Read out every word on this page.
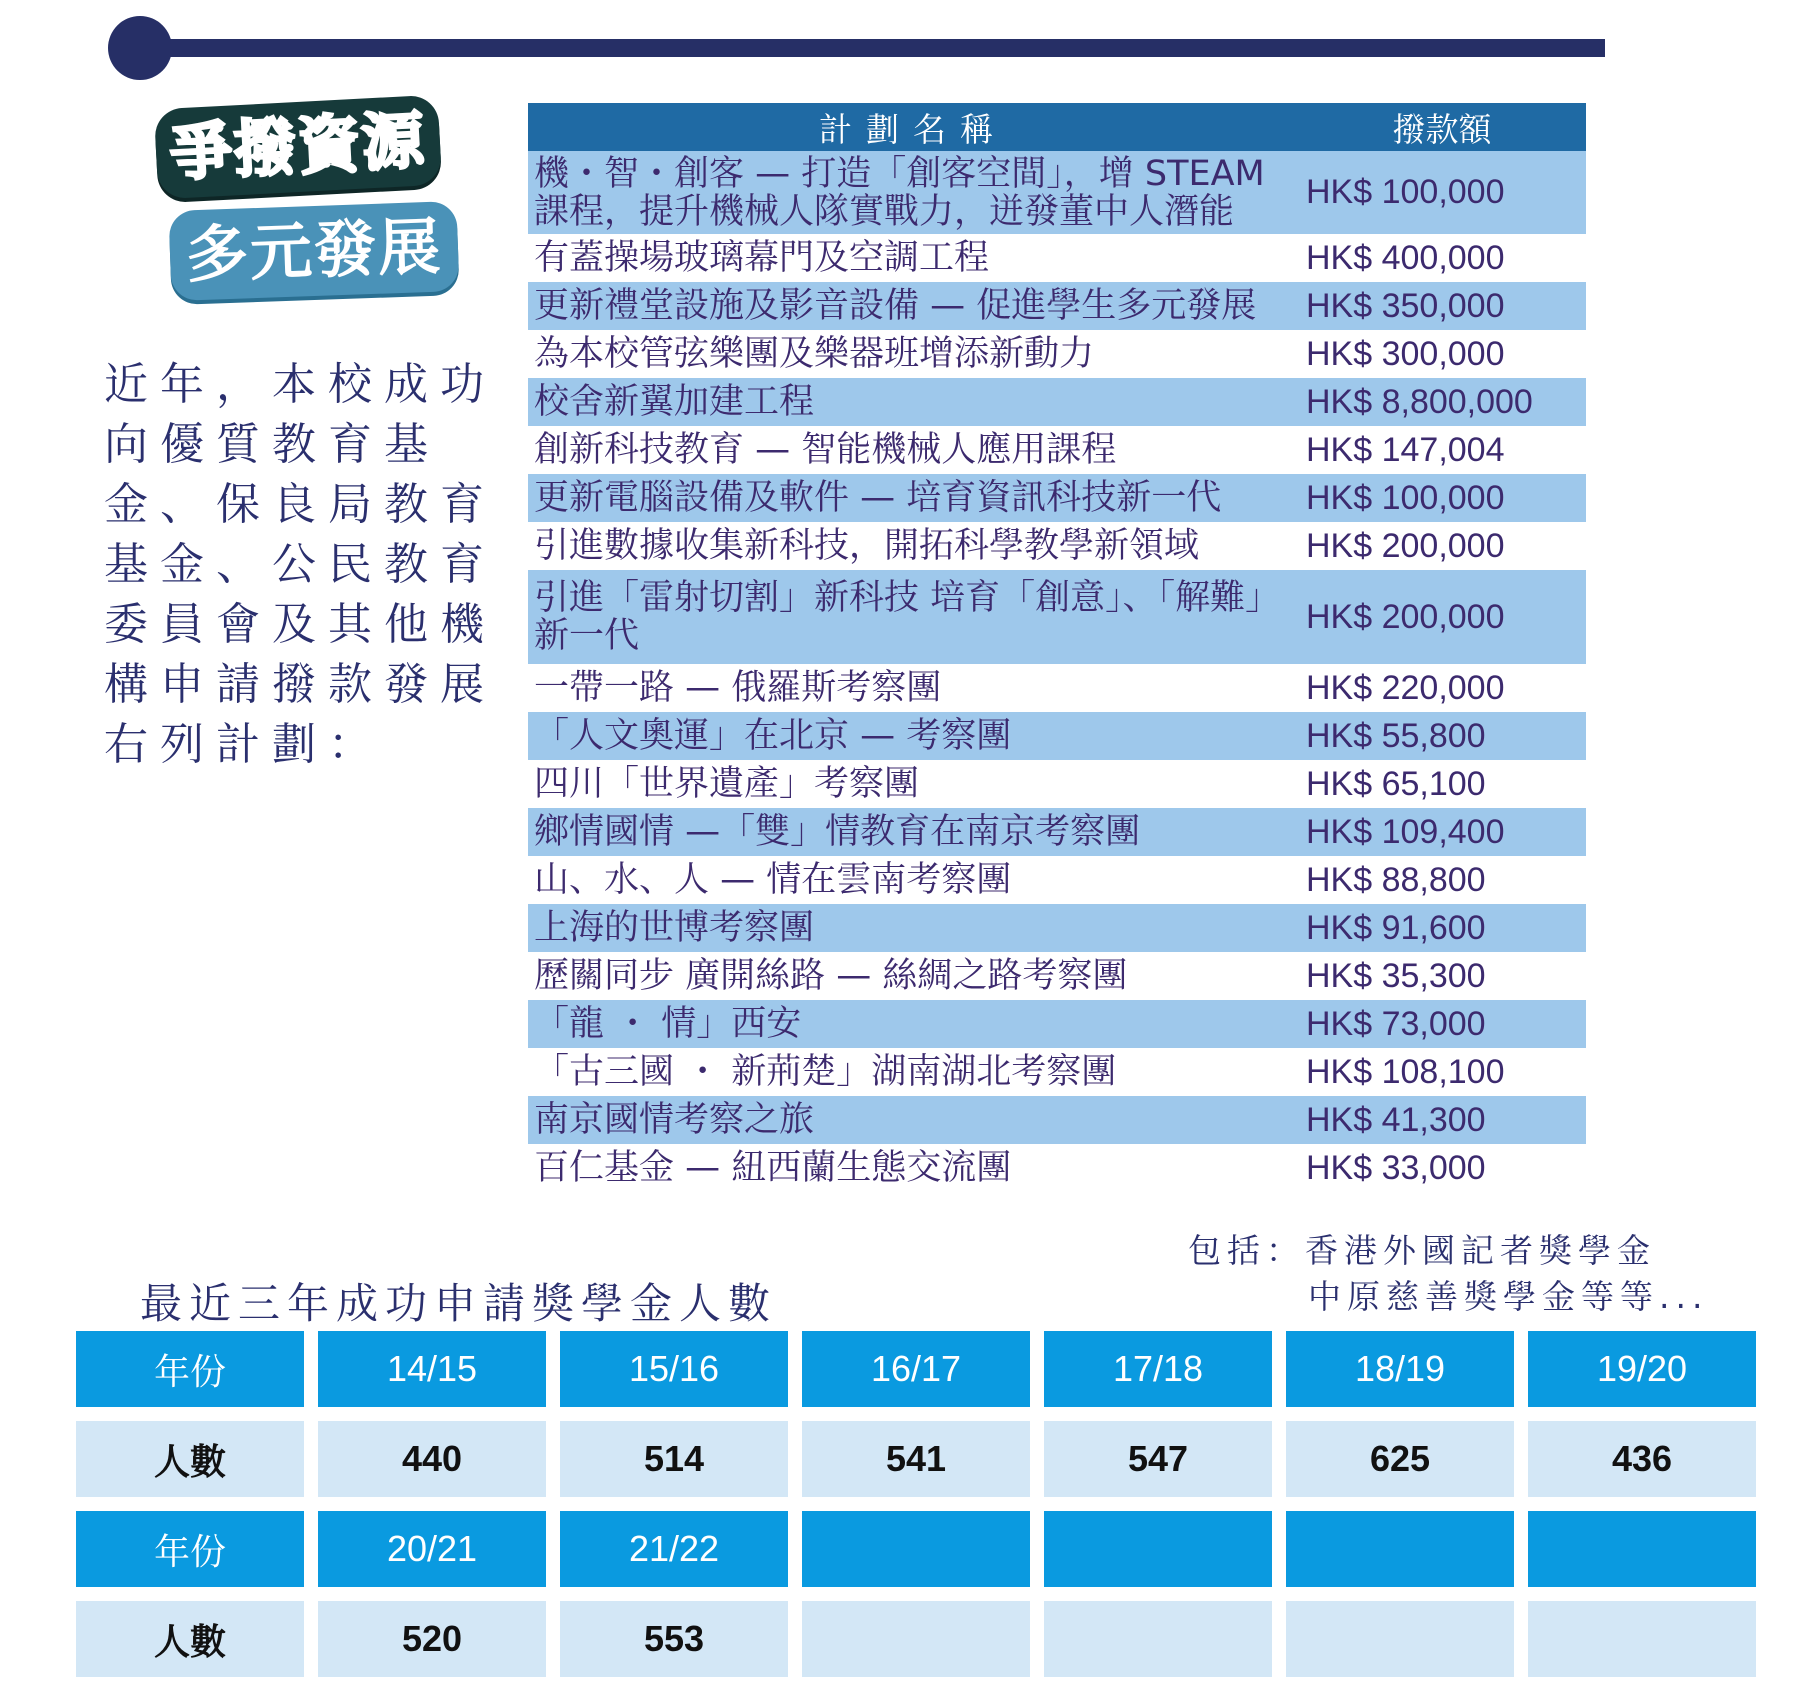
爭撥資源
多元發展
近年，本校成功向優質教育基金、保良局教育基金、公民教育委員會及其他機構申請撥款發展右列計劃：
計劃名稱	撥款額
機・智・創客 — 打造「創客空間」，增 STEAM 課程，提升機械人隊實戰力，迸發董中人潛能	HK$ 100,000
有蓋操場玻璃幕門及空調工程	HK$ 400,000
更新禮堂設施及影音設備 — 促進學生多元發展	HK$ 350,000
為本校管弦樂團及樂器班增添新動力	HK$ 300,000
校舍新翼加建工程	HK$ 8,800,000
創新科技教育 — 智能機械人應用課程	HK$ 147,004
更新電腦設備及軟件 — 培育資訊科技新一代	HK$ 100,000
引進數據收集新科技，開拓科學教學新領域	HK$ 200,000
引進「雷射切割」新科技 培育「創意」、「解難」新一代	HK$ 200,000
一帶一路 — 俄羅斯考察團	HK$ 220,000
「人文奧運」在北京 — 考察團	HK$ 55,800
四川「世界遺產」考察團	HK$ 65,100
鄉情國情 —「雙」情教育在南京考察團	HK$ 109,400
山、水、人 — 情在雲南考察團	HK$ 88,800
上海的世博考察團	HK$ 91,600
歷關同步 廣開絲路 — 絲綢之路考察團	HK$ 35,300
「龍 ・ 情」西安	HK$ 73,000
「古三國 ・ 新荊楚」湖南湖北考察團	HK$ 108,100
南京國情考察之旅	HK$ 41,300
百仁基金 — 紐西蘭生態交流團	HK$ 33,000
包括：香港外國記者獎學金
中原慈善獎學金等等...
最近三年成功申請獎學金人數
年份	14/15	15/16	16/17	17/18	18/19	19/20
人數	440	514	541	547	625	436
年份	20/21	21/22
人數	520	553
